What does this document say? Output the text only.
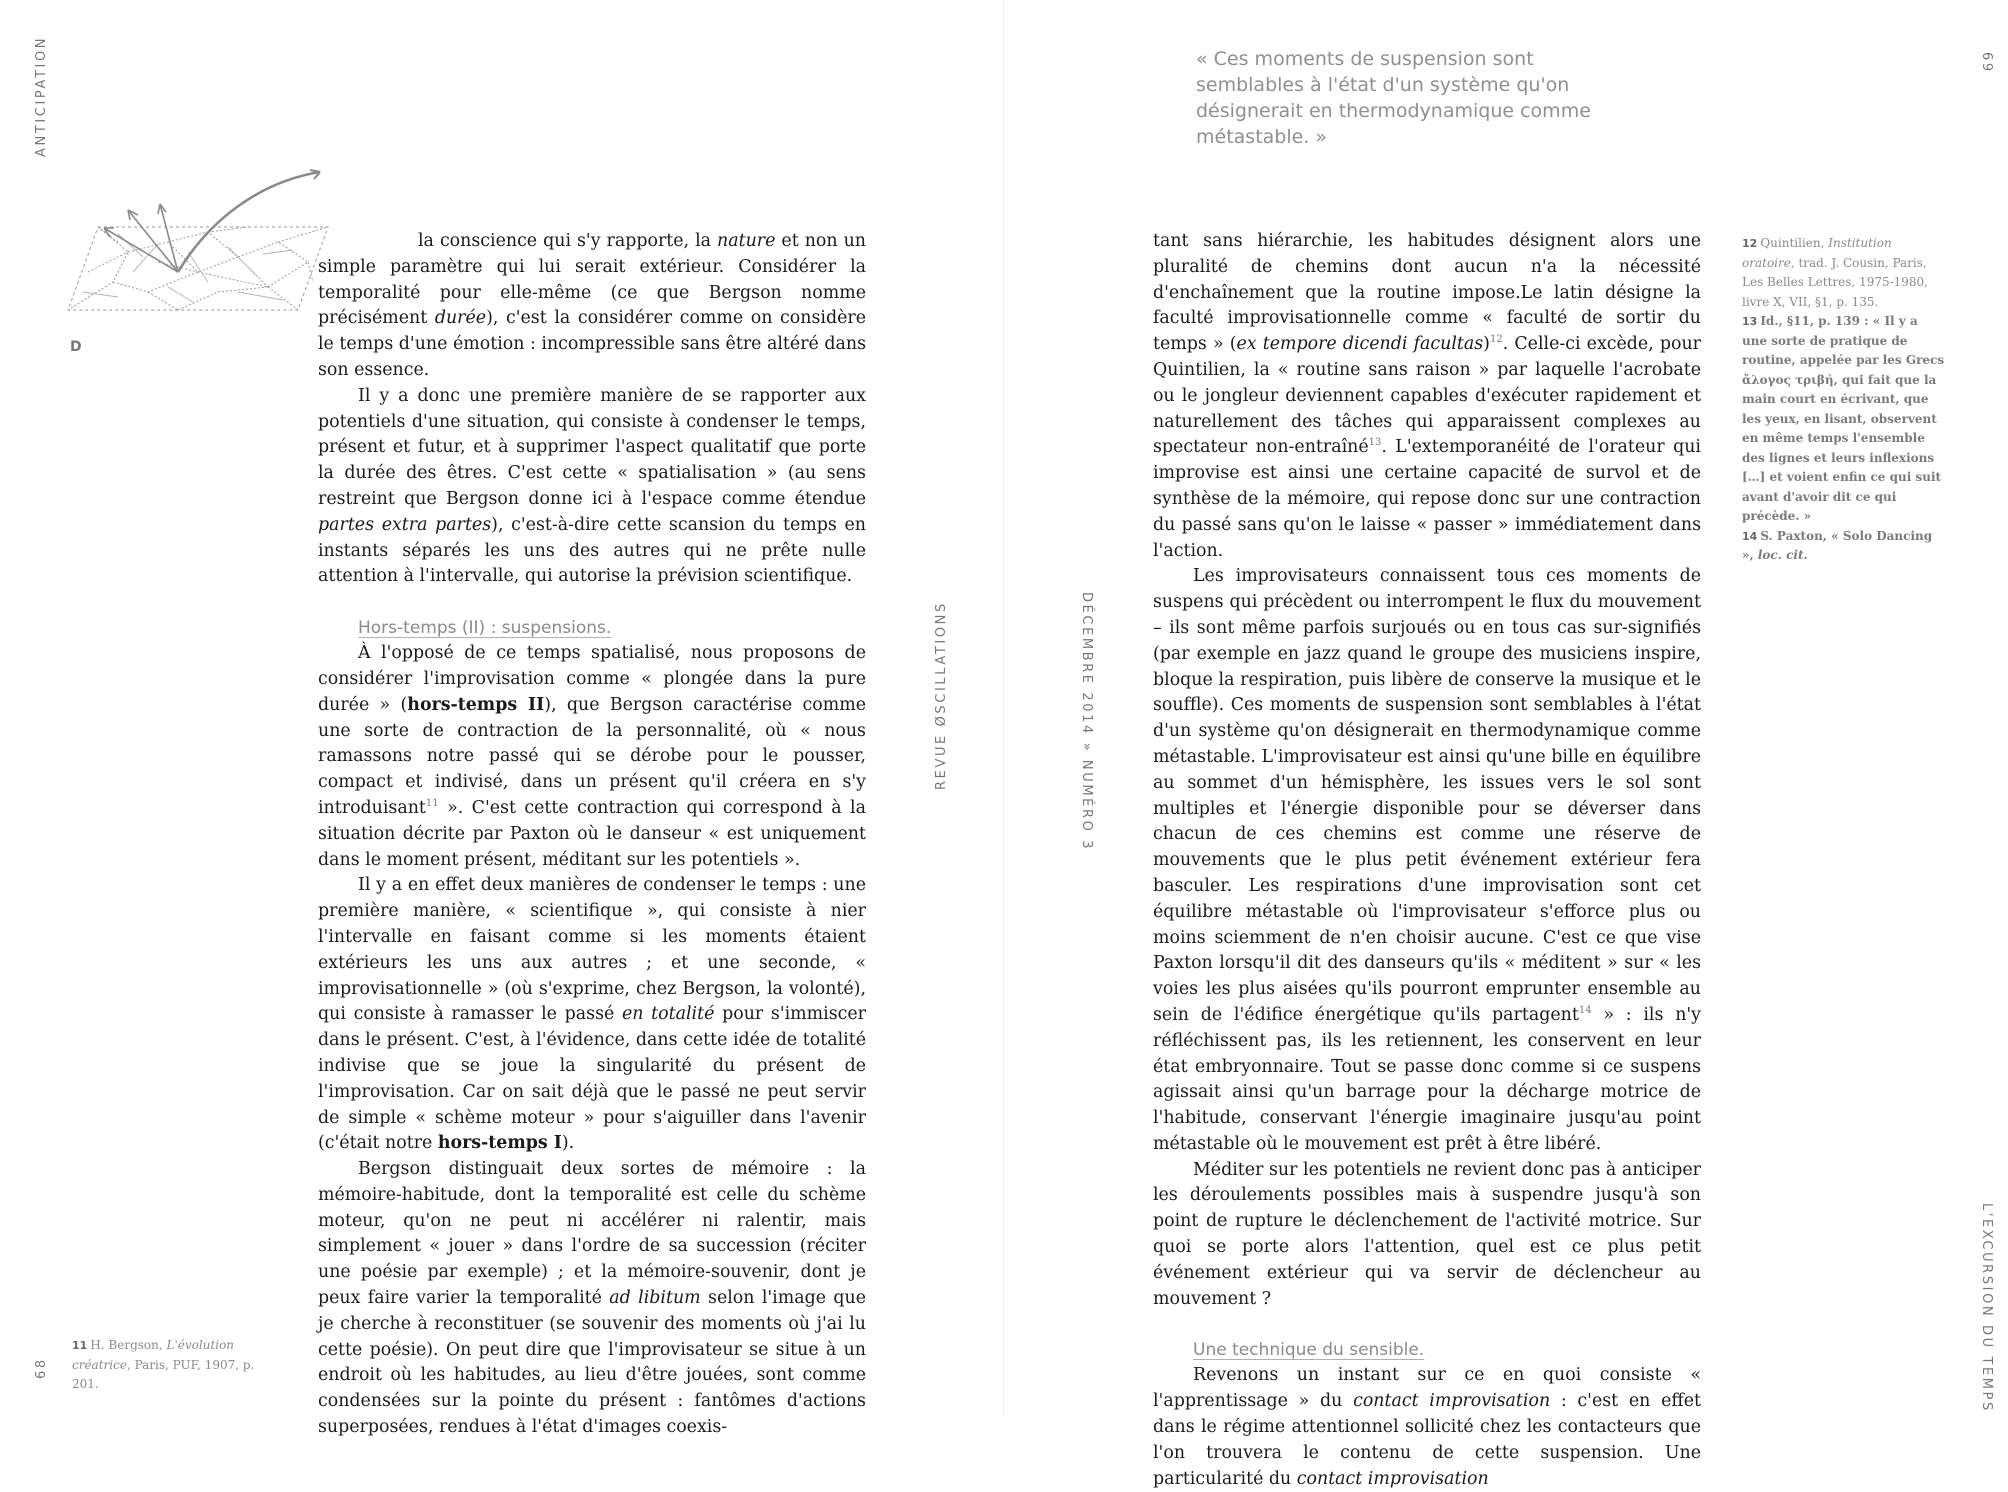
ANTICIPATION
68
D
REVUE ØSCILLATIONS	DÉCEMBRE 2014 » NUMÉRO 3
69
L'EXCURSION DU TEMPS
« Ces moments de suspension sont semblables à l'état d'un système qu'on désignerait en thermodynamique comme métastable. »

la conscience qui s'y rapporte, la nature et non un simple paramètre qui lui serait extérieur. Considérer la temporalité pour elle-même (ce que Bergson nomme précisément durée), c'est la considérer comme on considère le temps d'une émotion : incompressible sans être altéré dans son essence.

Il y a donc une première manière de se rapporter aux potentiels d'une situation, qui consiste à condenser le temps, présent et futur, et à supprimer l'aspect qualitatif que porte la durée des êtres. C'est cette « spatialisation » (au sens restreint que Bergson donne ici à l'espace comme étendue partes extra partes), c'est-à-dire cette scansion du temps en instants séparés les uns des autres qui ne prête nulle attention à l'intervalle, qui autorise la prévision scientifique.

Hors-temps (II) : suspensions.

À l'opposé de ce temps spatialisé, nous proposons de considérer l'improvisation comme « plongée dans la pure durée » (hors-temps II), que Bergson caractérise comme une sorte de contraction de la personnalité, où « nous ramassons notre passé qui se dérobe pour le pousser, compact et indivisé, dans un présent qu'il créera en s'y introduisant$^{11}$ ». C'est cette contraction qui correspond à la situation décrite par Paxton où le danseur « est uniquement dans le moment présent, méditant sur les potentiels ».

Il y a en effet deux manières de condenser le temps : une première manière, « scientifique », qui consiste à nier l'intervalle en faisant comme si les moments étaient extérieurs les uns aux autres ; et une seconde, « improvisationnelle » (où s'exprime, chez Bergson, la volonté), qui consiste à ramasser le passé en totalité pour s'immiscer dans le présent. C'est, à l'évidence, dans cette idée de totalité indivise que se joue la singularité du présent de l'improvisation. Car on sait déjà que le passé ne peut servir de simple « schème moteur » pour s'aiguiller dans l'avenir (c'était notre hors-temps I).

Bergson distinguait deux sortes de mémoire : la mémoire-habitude, dont la temporalité est celle du schème moteur, qu'on ne peut ni accélérer ni ralentir, mais simplement « jouer » dans l'ordre de sa succession (réciter une poésie par exemple) ; et la mémoire-souvenir, dont je peux faire varier la temporalité ad libitum selon l'image que je cherche à reconstituer (se souvenir des moments où j'ai lu cette poésie). On peut dire que l'improvisateur se situe à un endroit où les habitudes, au lieu d'être jouées, sont comme condensées sur la pointe du présent : fantômes d'actions superposées, rendues à l'état d'images coexis-

tant sans hiérarchie, les habitudes désignent alors une pluralité de chemins dont aucun n'a la nécessité d'enchaînement que la routine impose.Le latin désigne la faculté improvisationnelle comme « faculté de sortir du temps » (ex tempore dicendi facultas)$^{12}$. Celle-ci excède, pour Quintilien, la « routine sans raison » par laquelle l'acrobate ou le jongleur deviennent capables d'exécuter rapidement et naturellement des tâches qui apparaissent complexes au spectateur non-entraîné$^{13}$. L'extemporanéité de l'orateur qui improvise est ainsi une certaine capacité de survol et de synthèse de la mémoire, qui repose donc sur une contraction du passé sans qu'on le laisse « passer » immédiatement dans l'action.

Les improvisateurs connaissent tous ces moments de suspens qui précèdent ou interrompent le flux du mouvement – ils sont même parfois surjoués ou en tous cas sur-signifiés (par exemple en jazz quand le groupe des musiciens inspire, bloque la respiration, puis libère de conserve la musique et le souffle). Ces moments de suspension sont semblables à l'état d'un système qu'on désignerait en thermodynamique comme métastable. L'improvisateur est ainsi qu'une bille en équilibre au sommet d'un hémisphère, les issues vers le sol sont multiples et l'énergie disponible pour se déverser dans chacun de ces chemins est comme une réserve de mouvements que le plus petit événement extérieur fera basculer. Les respirations d'une improvisation sont cet équilibre métastable où l'improvisateur s'efforce plus ou moins sciemment de n'en choisir aucune. C'est ce que vise Paxton lorsqu'il dit des danseurs qu'ils « méditent » sur « les voies les plus aisées qu'ils pourront emprunter ensemble au sein de l'édifice énergétique qu'ils partagent$^{14}$ » : ils n'y réfléchissent pas, ils les retiennent, les conservent en leur état embryonnaire. Tout se passe donc comme si ce suspens agissait ainsi qu'un barrage pour la décharge motrice de l'habitude, conservant l'énergie imaginaire jusqu'au point métastable où le mouvement est prêt à être libéré.

Méditer sur les potentiels ne revient donc pas à anticiper les déroulements possibles mais à suspendre jusqu'à son point de rupture le déclenchement de l'activité motrice. Sur quoi se porte alors l'attention, quel est ce plus petit événement extérieur qui va servir de déclencheur au mouvement ?

Une technique du sensible.

Revenons un instant sur ce en quoi consiste « l'apprentissage » du contact improvisation : c'est en effet dans le régime attentionnel sollicité chez les contacteurs que l'on trouvera le contenu de cette suspension. Une particularité du contact improvisation

11 H. Bergson, L'évolution créatrice, Paris, PUF, 1907, p. 201.

12 Quintilien, Institution oratoire, trad. J. Cousin, Paris, Les Belles Lettres, 1975-1980, livre X, VII, §1, p. 135.

13 Id., §11, p. 139 : « Il y a une sorte de pratique de routine, appelée par les Grecs ἄλογος τριβή, qui fait que la main court en écrivant, que les yeux, en lisant, observent en même temps l'ensemble des lignes et leurs inflexions […] et voient enfin ce qui suit avant d'avoir dit ce qui précède. »

14 S. Paxton, « Solo Dancing », loc. cit.
